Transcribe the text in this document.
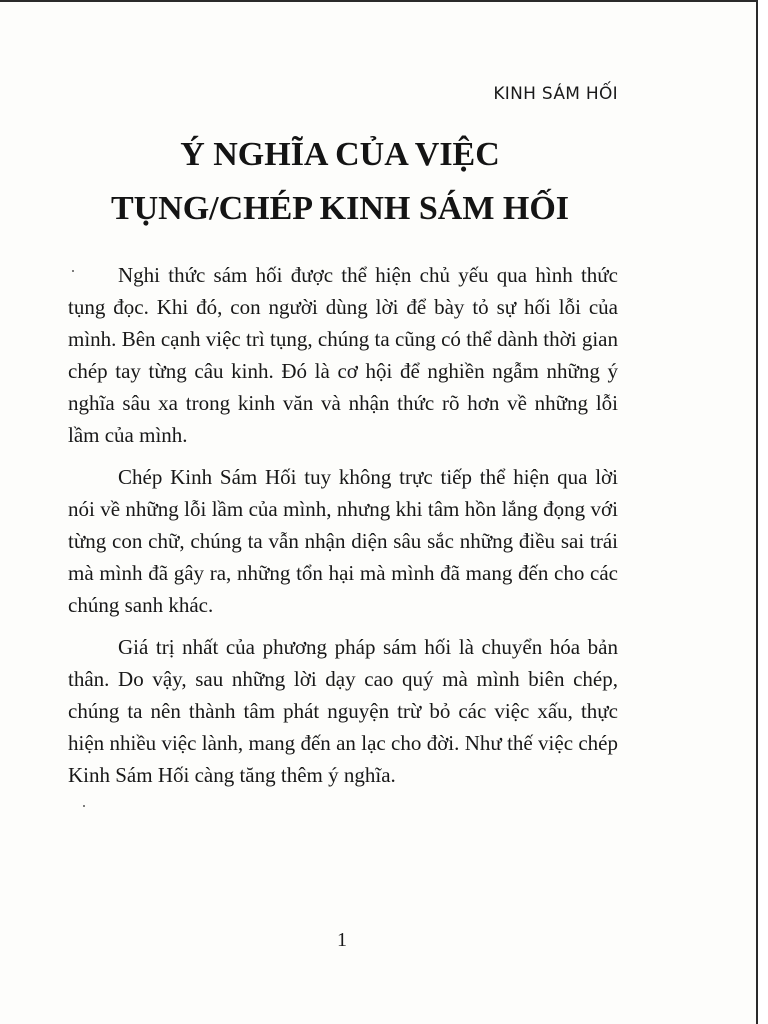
KINH SÁM HỐI
Ý NGHĨA CỦA VIỆC
TỤNG/CHÉP KINH SÁM HỐI

Nghi thức sám hối được thể hiện chủ yếu qua hình thức tụng đọc. Khi đó, con người dùng lời để bày tỏ sự hối lỗi của mình. Bên cạnh việc trì tụng, chúng ta cũng có thể dành thời gian chép tay từng câu kinh. Đó là cơ hội để nghiền ngẫm những ý nghĩa sâu xa trong kinh văn và nhận thức rõ hơn về những lỗi lầm của mình.

Chép Kinh Sám Hối tuy không trực tiếp thể hiện qua lời nói về những lỗi lầm của mình, nhưng khi tâm hồn lắng đọng với từng con chữ, chúng ta vẫn nhận diện sâu sắc những điều sai trái mà mình đã gây ra, những tổn hại mà mình đã mang đến cho các chúng sanh khác.

Giá trị nhất của phương pháp sám hối là chuyển hóa bản thân. Do vậy, sau những lời dạy cao quý mà mình biên chép, chúng ta nên thành tâm phát nguyện trừ bỏ các việc xấu, thực hiện nhiều việc lành, mang đến an lạc cho đời. Như thế việc chép Kinh Sám Hối càng tăng thêm ý nghĩa.

1
